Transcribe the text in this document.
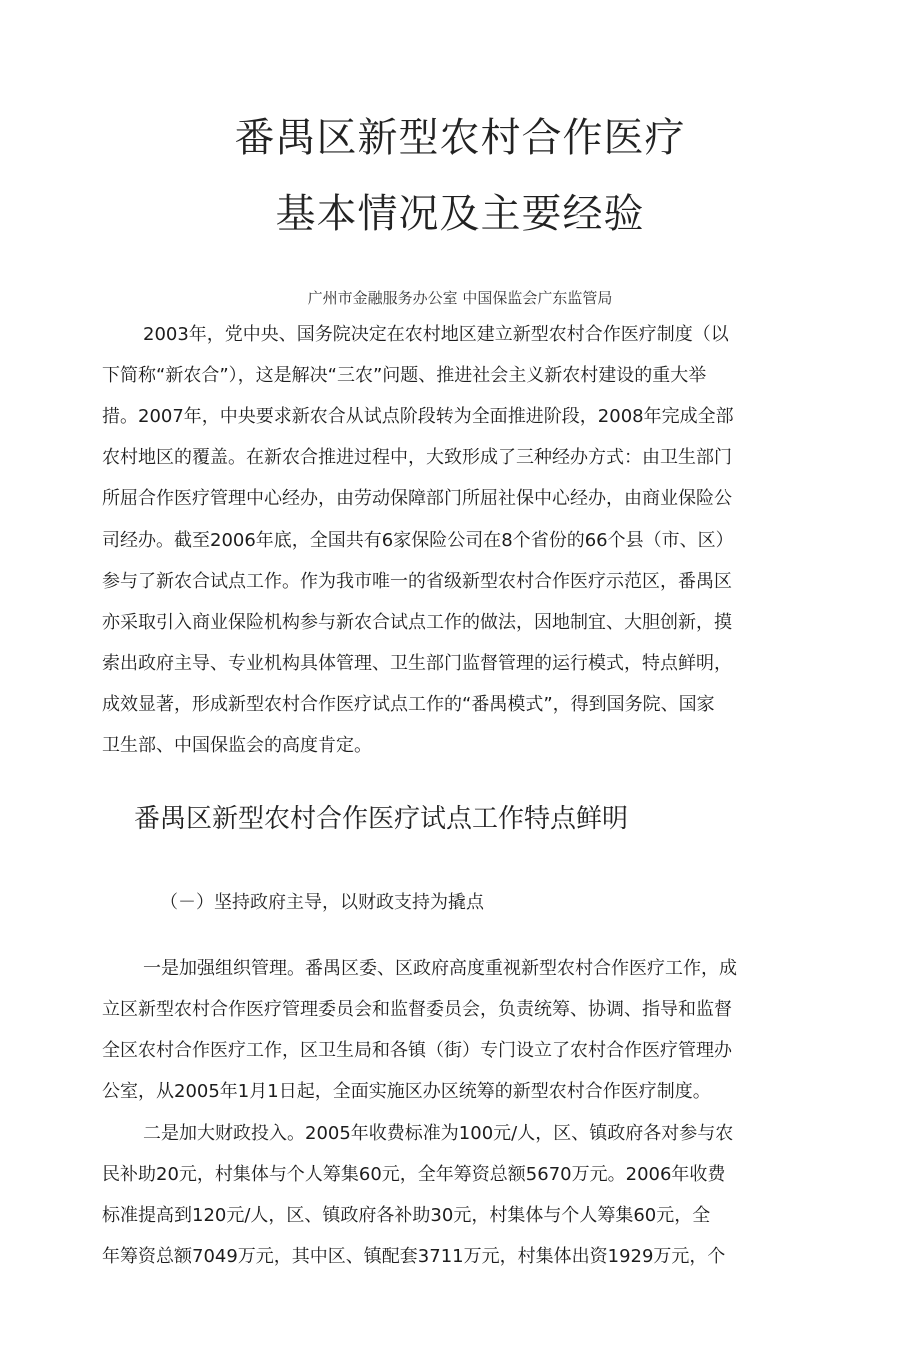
番禺区新型农村合作医疗
基本情况及主要经验
广州市金融服务办公室 中国保监会广东监管局
2003年，党中央、国务院决定在农村地区建立新型农村合作医疗制度（以
下简称“新农合”），这是解决“三农”问题、推进社会主义新农村建设的重大举
措。2007年，中央要求新农合从试点阶段转为全面推进阶段，2008年完成全部
农村地区的覆盖。在新农合推进过程中，大致形成了三种经办方式：由卫生部门
所屈合作医疗管理中心经办，由劳动保障部门所屈社保中心经办，由商业保险公
司经办。截至2006年底，全国共有6家保险公司在8个省份的66个县（市、区）
参与了新农合试点工作。作为我市唯一的省级新型农村合作医疗示范区，番禺区
亦采取引入商业保险机构参与新农合试点工作的做法，因地制宜、大胆创新，摸
索出政府主导、专业机构具体管理、卫生部门监督管理的运行模式，特点鲜明，
成效显著，形成新型农村合作医疗试点工作的“番禺模式”，得到国务院、国家
卫生部、中国保监会的高度肯定。
番禺区新型农村合作医疗试点工作特点鲜明
（－）坚持政府主导，以财政支持为撬点
一是加强组织管理。番禺区委、区政府高度重视新型农村合作医疗工作，成
立区新型农村合作医疗管理委员会和监督委员会，负责统筹、协调、指导和监督
全区农村合作医疗工作，区卫生局和各镇（街）专门设立了农村合作医疗管理办
公室，从2005年1月1日起，全面实施区办区统筹的新型农村合作医疗制度。
二是加大财政投入。2005年收费标准为100元/人，区、镇政府各对参与农
民补助20元，村集体与个人筹集60元，全年筹资总额5670万元。2006年收费
标准提高到120元/人，区、镇政府各补助30元，村集体与个人筹集60元，全
年筹资总额7049万元，其中区、镇配套3711万元，村集体出资1929万元，个
